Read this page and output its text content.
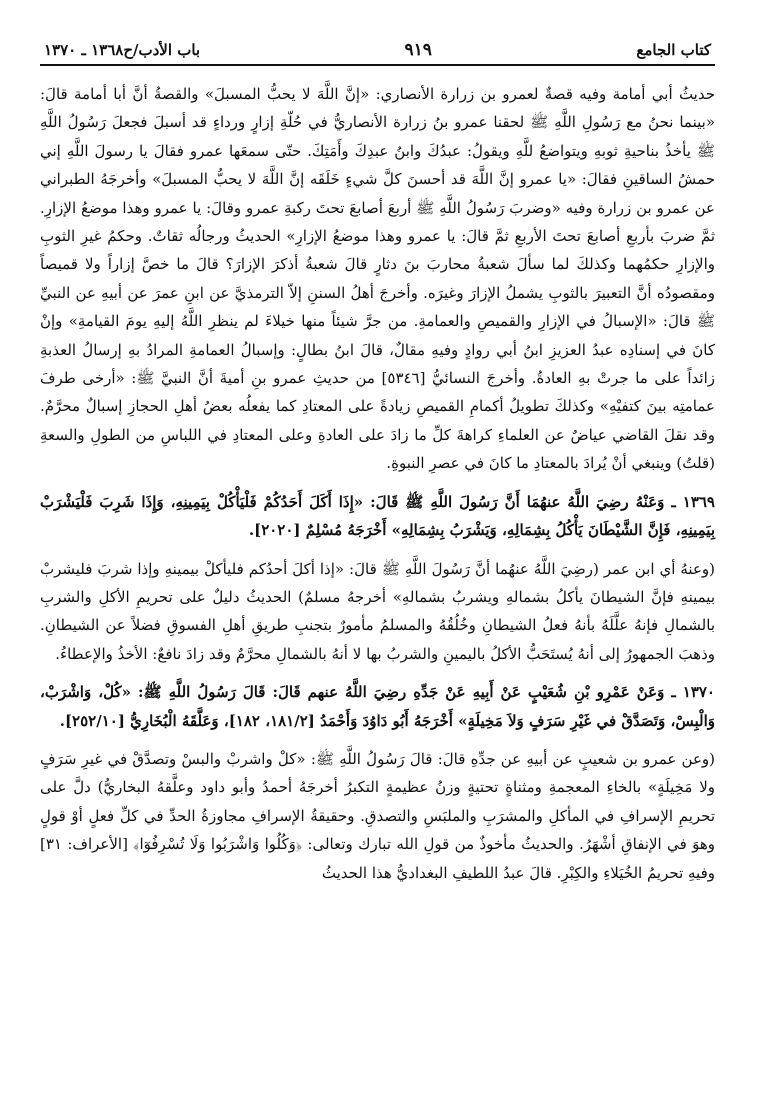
كتاب الجامع
٩١٩
باب الأدب/ح١٣٦٨ ـ ١٣٧٠

حديثُ أبي أمامة وفيه قصةٌ لعمرو بن زرارة الأنصاري: «إنَّ اللَّهَ لا يحبُّ المسبلَ» والقصةُ أنَّ أبا أمامة قالَ: «بينما نحنُ مع رَسُولِ اللَّهِ ﷺ لحقنا عمرو بنُ زرارة الأنصاريُّ في حُلّةِ إزارٍ ورداءٍ قد أسبلَ فجعلَ رَسُولُ اللَّهِ ﷺ يأخذُ بناحيةِ ثوبهِ ويتواضعُ للَّهِ ويقولُ: عبدُكَ وابنُ عبدِكَ وأَمَتِكَ. حتّى سمعَها عمرو فقالَ يا رسولَ اللَّهِ إني حمشُ الساقينِ فقالَ: «يا عمرو إنَّ اللَّهَ قد أحسنَ كلَّ شيءٍ خَلَقَه إنَّ اللَّهَ لا يحبُّ المسبلَ» وأخرجَهُ الطبراني عن عمرو بن زرارة وفيه «وضربَ رَسُولُ اللَّهِ ﷺ أربعَ أصابعَ تحتَ ركبةِ عمرو وقالَ: يا عمرو وهذا موضعُ الإزارِ. ثمَّ ضربَ بأربعِ أصابعَ تحتَ الأربعِ ثمَّ قالَ: يا عمرو وهذا موضعُ الإزارِ» الحديثُ ورجالُه ثقاتٌ. وحكمُ غيرِ الثوبِ والإزارِ حكمُهما وكذلكَ لما سألَ شعبةُ محاربَ بنَ دثارٍ قالَ شعبةُ أذكرَ الإزارَ؟ قالَ ما خصَّ إزاراً ولا قميصاً ومقصودُه أنَّ التعبيرَ بالثوبِ يشملُ الإزارَ وغيرَه. وأخرجَ أهلُ السننِ إلاّ الترمذيَّ عن ابنِ عمرَ عن أبيهِ عن النبيِّ ﷺ قالَ: «الإسبالُ في الإزارِ والقميصِ والعمامةِ. من جرَّ شيئاً منها خيلاءَ لم ينظرِ اللَّهُ إليهِ يومَ القيامةِ» وإنْ كانَ في إسنادِه عبدُ العزيزِ ابنُ أبي روادٍ وفيهِ مقالٌ، قالَ ابنُ بطالٍ: وإسبالُ العمامةِ المرادُ بهِ إرسالُ العذبةِ زائداً على ما جرتْ بهِ العادةُ. وأخرجَ النسائيُّ [٥٣٤٦] من حديثِ عمرو بنِ أميةَ أنَّ النبيَّ ﷺ: «أرخى طرفَ عمامتِه بينَ كتفيْهِ» وكذلكَ تطويلُ أكمامِ القميصِ زيادةً على المعتادِ كما يفعلُه بعضُ أهلِ الحجازِ إسبالٌ محرَّمٌ. وقد نقلَ القاضي عياضٌ عن العلماءِ كراهةَ كلِّ ما زادَ على العادةِ وعلى المعتادِ في اللباسِ من الطولِ والسعةِ (قلتُ) وينبغي أنْ يُرادَ بالمعتادِ ما كانَ في عصرِ النبوةِ.

١٣٦٩ ـ وَعَنْهُ رضِيَ اللَّهُ عنهُمَا أَنَّ رَسُولَ اللَّهِ ﷺ قَالَ: «إِذَا أَكَلَ أَحَدُكُمْ فَلْيَأْكُلْ بِيَمِينِهِ، وَإِذَا شَرِبَ فَلْيَشْرَبْ بِيَمِينِهِ، فَإِنَّ الشَّيْطَانَ يَأْكُلُ بِشِمَالِهِ، وَيَشْرَبُ بِشِمَالِهِ» أَخْرَجَهُ مُسْلِمٌ [٢٠٢٠].

(وعنهُ أي ابن عمر (رضِيَ اللَّهُ عنهُما أنَّ رَسُولَ اللَّهِ ﷺ قالَ: «إذا أكلَ أحدُكم فليأكلْ بيمينهِ وإذا شربَ فليشربْ بيمينهِ فإنَّ الشيطانَ يأكلُ بشمالهِ ويشربُ بشمالهِ» أخرجهُ مسلمٌ) الحديثُ دليلٌ على تحريمِ الأكلِ والشربِ بالشمالِ فإنهُ علَّلَهُ بأنهُ فعلُ الشيطانِ وخُلُقُهُ والمسلمُ مأمورٌ بتجنبِ طريقِ أهلِ الفسوقِ فضلاً عن الشيطانِ. وذهبَ الجمهورُ إلى أنهُ يُستَحَبُّ الأكلُ باليمينِ والشربُ بها لا أنهُ بالشمالِ محرَّمٌ وقد زادَ نافعٌ: الأخذُ والإعطاءُ.

١٣٧٠ ـ وَعَنْ عَمْرِو بْنِ شُعَيْبٍ عَنْ أَبِيهِ عَنْ جَدِّهِ رضِيَ اللَّهُ عنهم قَالَ: قَالَ رَسُولُ اللَّهِ ﷺ: «كُلْ، وَاشْرَبْ، وَالْبِسْ، وَتَصَدَّقْ في غَيْرِ سَرَفٍ وَلاَ مَخِيلَةٍ» أَخْرَجَهُ أَبُو دَاوُدَ وَأَحْمَدُ [١٨١/٢، ١٨٢]، وَعَلَّقَهُ الْبُخَارِيُّ [٢٥٢/١٠].

(وعن عمرو بن شعيبٍ عن أبيهِ عن جدِّهِ قالَ: قالَ رَسُولُ اللَّهِ ﷺ: «كلْ واشربْ والبسْ وتصدَّقْ في غيرِ سَرَفٍ ولا مَخِيلَةٍ» بالخاءِ المعجمةِ ومثناةٍ تحتيةٍ وزنُ عظيمةٍ التكبرُ أخرجَهُ أحمدُ وأبو داود وعلَّقهُ البخاريُّ) دلَّ على تحريمِ الإسرافِ في المأكلِ والمشرَبِ والملبَسِ والتصدقِ. وحقيقةُ الإسرافِ مجاوزةُ الحدِّ في كلِّ فعلٍ أوْ قولٍ وهوَ في الإنفاقِ أشْهَرُ. والحديثُ مأخوذٌ من قولِ الله تبارك وتعالى: ﴿وَكُلُوا وَاشْرَبُوا وَلَا تُسْرِفُوٓا﴾ [الأعراف: ٣١] وفيهِ تحريمُ الخُيَلاءِ والكِبْرِ. قالَ عبدُ اللطيفِ البغداديُّ هذا الحديثُ
